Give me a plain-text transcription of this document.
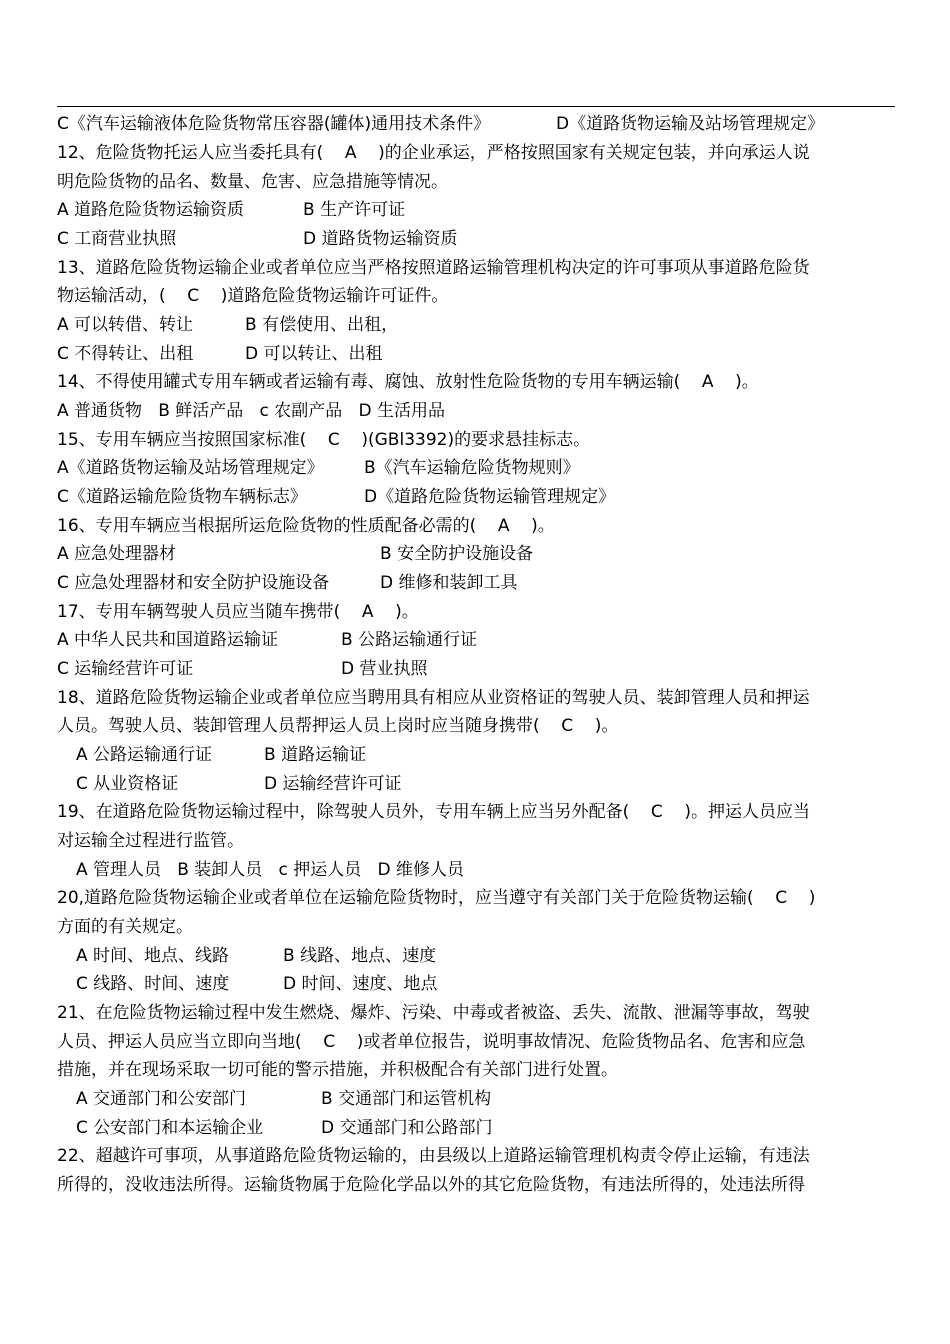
C《汽车运输液体危险货物常压容器(罐体)通用技术条件》	D《道路货物运输及站场管理规定》

12、危险货物托运人应当委托具有(    A    )的企业承运，严格按照国家有关规定包装，并向承运人说

明危险货物的品名、数量、危害、应急措施等情况。

A 道路危险货物运输资质	B 生产许可证

C 工商营业执照	D 道路货物运输资质

13、道路危险货物运输企业或者单位应当严格按照道路运输管理机构决定的许可事项从事道路危险货

物运输活动，(    C    )道路危险货物运输许可证件。

A 可以转借、转让	B 有偿使用、出租，

C 不得转让、出租	D 可以转让、出租

14、不得使用罐式专用车辆或者运输有毒、腐蚀、放射性危险货物的专用车辆运输(    A    )。

A 普通货物   B 鲜活产品   c 农副产品   D 生活用品

15、专用车辆应当按照国家标准(    C    )(GBl3392)的要求悬挂标志。

A《道路货物运输及站场管理规定》 B《汽车运输危险货物规则》

C《道路运输危险货物车辆标志》	D《道路危险货物运输管理规定》

16、专用车辆应当根据所运危险货物的性质配备必需的(    A    )。

A 应急处理器材	B 安全防护设施设备

C 应急处理器材和安全防护设施设备	D 维修和装卸工具

17、专用车辆驾驶人员应当随车携带(    A    )。

A 中华人民共和国道路运输证	B 公路运输通行证

C 运输经营许可证	D 营业执照

18、道路危险货物运输企业或者单位应当聘用具有相应从业资格证的驾驶人员、装卸管理人员和押运

人员。驾驶人员、装卸管理人员帮押运人员上岗时应当随身携带(    C    )。

A 公路运输通行证	B 道路运输证

C 从业资格证	D 运输经营许可证

19、在道路危险货物运输过程中，除驾驶人员外，专用车辆上应当另外配备(    C    )。押运人员应当

对运输全过程进行监管。

A 管理人员   B 装卸人员   c 押运人员   D 维修人员

20,道路危险货物运输企业或者单位在运输危险货物时，应当遵守有关部门关于危险货物运输(    C    )

方面的有关规定。

A 时间、地点、线路	B 线路、地点、速度

C 线路、时间、速度	D 时间、速度、地点

21、在危险货物运输过程中发生燃烧、爆炸、污染、中毒或者被盗、丢失、流散、泄漏等事故，驾驶

人员、押运人员应当立即向当地(    C    )或者单位报告，说明事故情况、危险货物品名、危害和应急

措施，并在现场采取一切可能的警示措施，并积极配合有关部门进行处置。

A 交通部门和公安部门	B 交通部门和运管机构

C 公安部门和本运输企业	D 交通部门和公路部门

22、超越许可事项，从事道路危险货物运输的，由县级以上道路运输管理机构责令停止运输，有违法

所得的，没收违法所得。运输货物属于危险化学品以外的其它危险货物，有违法所得的，处违法所得
